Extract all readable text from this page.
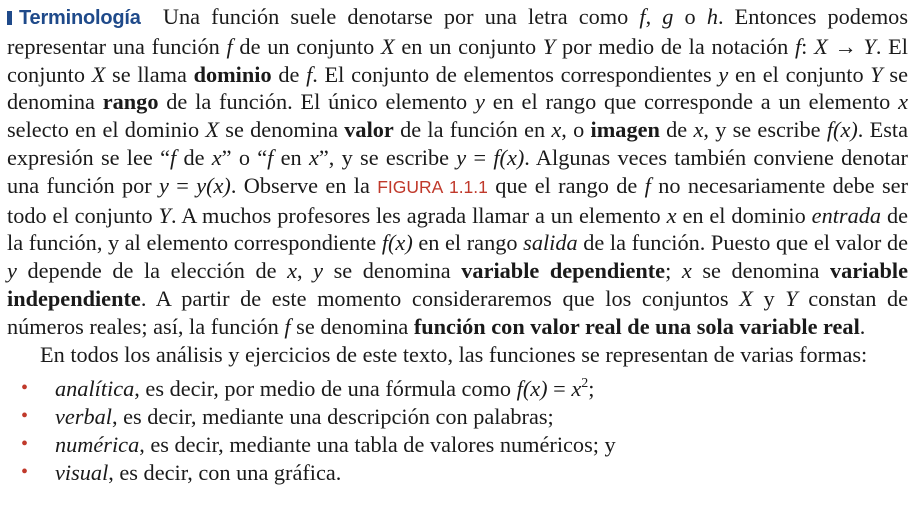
Terminología Una función suele denotarse por una letra como f, g o h. Entonces podemos representar una función f de un conjunto X en un conjunto Y por medio de la notación f: X → Y. El conjunto X se llama dominio de f. El conjunto de elementos correspondientes y en el conjunto Y se denomina rango de la función. El único elemento y en el rango que corresponde a un elemento x selecto en el dominio X se denomina valor de la función en x, o imagen de x, y se escribe f(x). Esta expresión se lee “f de x” o “f en x”, y se escribe y = f(x). Algunas veces también conviene denotar una función por y = y(x). Observe en la FIGURA 1.1.1 que el rango de f no necesariamente debe ser todo el conjunto Y. A muchos profesores les agrada llamar a un elemento x en el dominio entrada de la función, y al elemento correspondiente f(x) en el rango salida de la función. Puesto que el valor de y depende de la elección de x, y se denomina variable dependiente; x se denomina variable independiente. A partir de este momento consideraremos que los conjuntos X y Y constan de números reales; así, la función f se denomina función con valor real de una sola variable real.

En todos los análisis y ejercicios de este texto, las funciones se representan de varias formas:

• analítica, es decir, por medio de una fórmula como $f(x) = x^2$;
• verbal, es decir, mediante una descripción con palabras;
• numérica, es decir, mediante una tabla de valores numéricos; y
• visual, es decir, con una gráfica.
